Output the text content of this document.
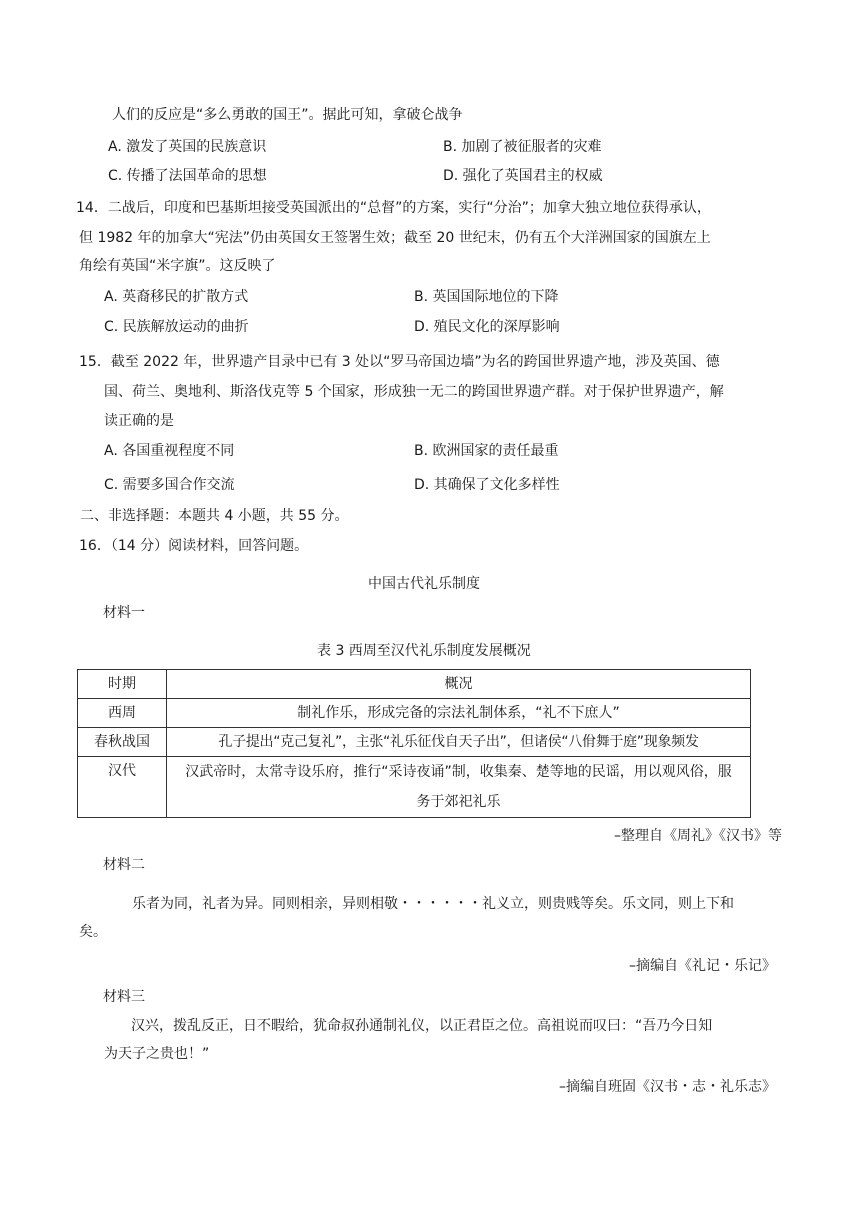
人们的反应是“多么勇敢的国王”。据此可知，拿破仑战争
A. 激发了英国的民族意识	B. 加剧了被征服者的灾难
C. 传播了法国革命的思想	D. 强化了英国君主的权威
14．二战后，印度和巴基斯坦接受英国派出的“总督”的方案，实行“分治”；加拿大独立地位获得承认，
但 1982 年的加拿大“宪法”仍由英国女王签署生效；截至 20 世纪末，仍有五个大洋洲国家的国旗左上
角绘有英国“米字旗”。这反映了
A. 英裔移民的扩散方式	B. 英国国际地位的下降
C. 民族解放运动的曲折	D. 殖民文化的深厚影响
15．截至 2022 年，世界遗产目录中已有 3 处以“罗马帝国边墙”为名的跨国世界遗产地，涉及英国、德
国、荷兰、奥地利、斯洛伐克等 5 个国家，形成独一无二的跨国世界遗产群。对于保护世界遗产，解
读正确的是
A. 各国重视程度不同	B. 欧洲国家的责任最重
C. 需要多国合作交流	D. 其确保了文化多样性
二、非选择题：本题共 4 小题，共 55 分。
16．（14 分）阅读材料，回答问题。
中国古代礼乐制度
材料一
表 3 西周至汉代礼乐制度发展概况
时期	概况
西周	制礼作乐，形成完备的宗法礼制体系，“礼不下庶人”
春秋战国	孔子提出“克己复礼”，主张“礼乐征伐自天子出”，但诸侯“八佾舞于庭”现象频发
汉代	汉武帝时，太常寺设乐府，推行“采诗夜诵”制，收集秦、楚等地的民谣，用以观风俗，服务于郊祀礼乐
–整理自《周礼》《汉书》等
材料二
乐者为同，礼者为异。同则相亲，异则相敬・・・・・・礼义立，则贵贱等矣。乐文同，则上下和
矣。
–摘编自《礼记・乐记》
材料三
汉兴，拨乱反正，日不暇给，犹命叔孙通制礼仪，以正君臣之位。高祖说而叹曰：“吾乃今日知
为天子之贵也！”
–摘编自班固《汉书・志・礼乐志》
